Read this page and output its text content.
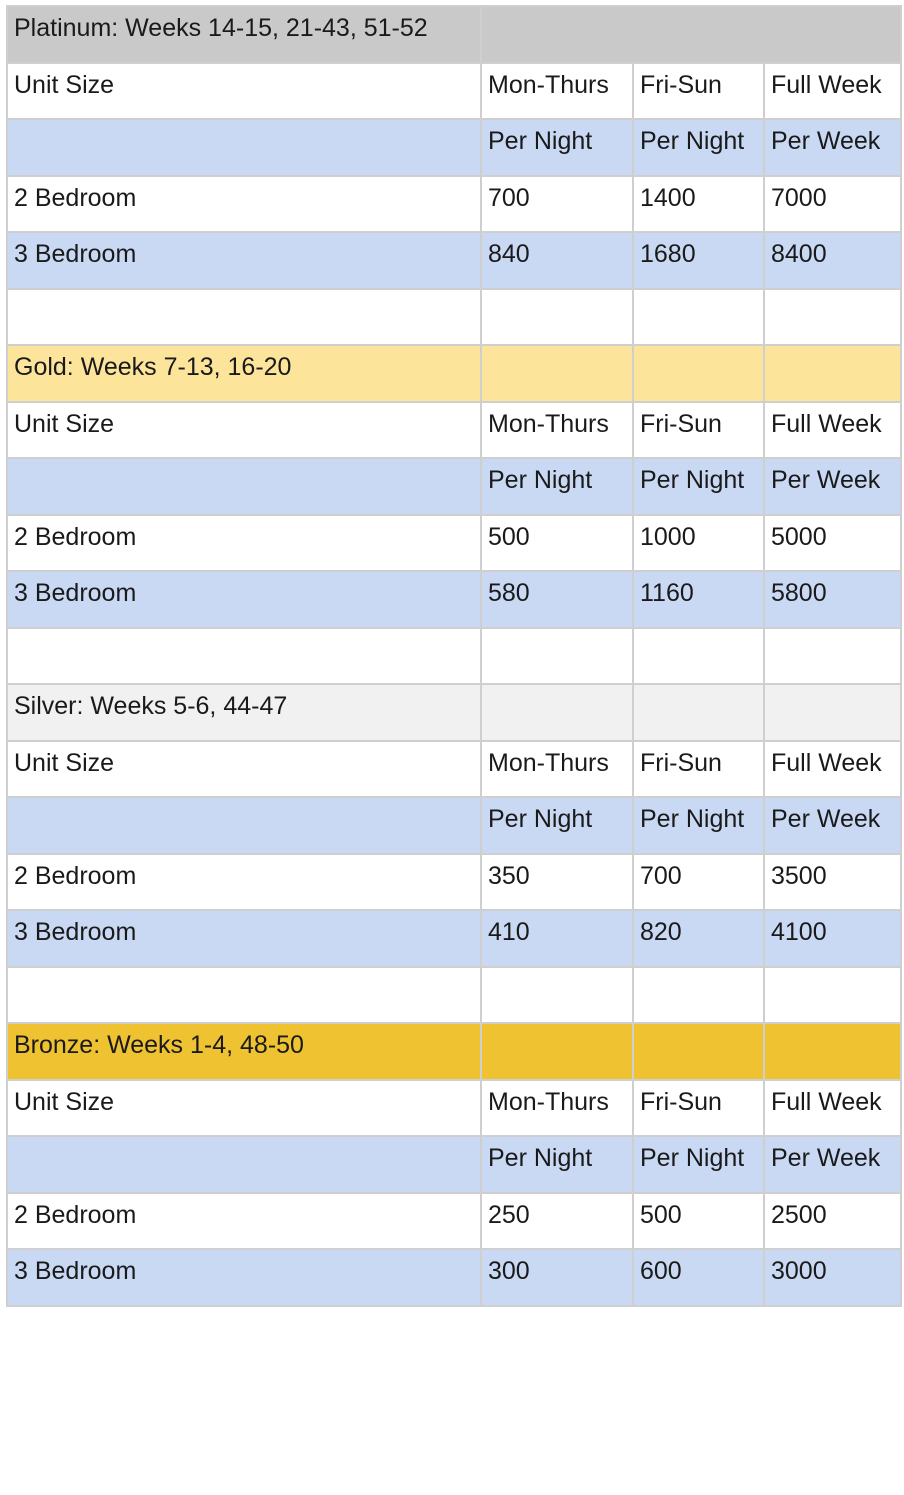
Platinum: Weeks 14-15, 21-43, 51-52			
Unit Size	Mon-Thurs	Fri-Sun	Full Week
	Per Night	Per Night	Per Week
2 Bedroom	700	1400	7000
3 Bedroom	840	1680	8400

Gold: Weeks 7-13, 16-20			
Unit Size	Mon-Thurs	Fri-Sun	Full Week
	Per Night	Per Night	Per Week
2 Bedroom	500	1000	5000
3 Bedroom	580	1160	5800

Silver: Weeks 5-6, 44-47			
Unit Size	Mon-Thurs	Fri-Sun	Full Week
	Per Night	Per Night	Per Week
2 Bedroom	350	700	3500
3 Bedroom	410	820	4100

Bronze: Weeks 1-4, 48-50			
Unit Size	Mon-Thurs	Fri-Sun	Full Week
	Per Night	Per Night	Per Week
2 Bedroom	250	500	2500
3 Bedroom	300	600	3000
